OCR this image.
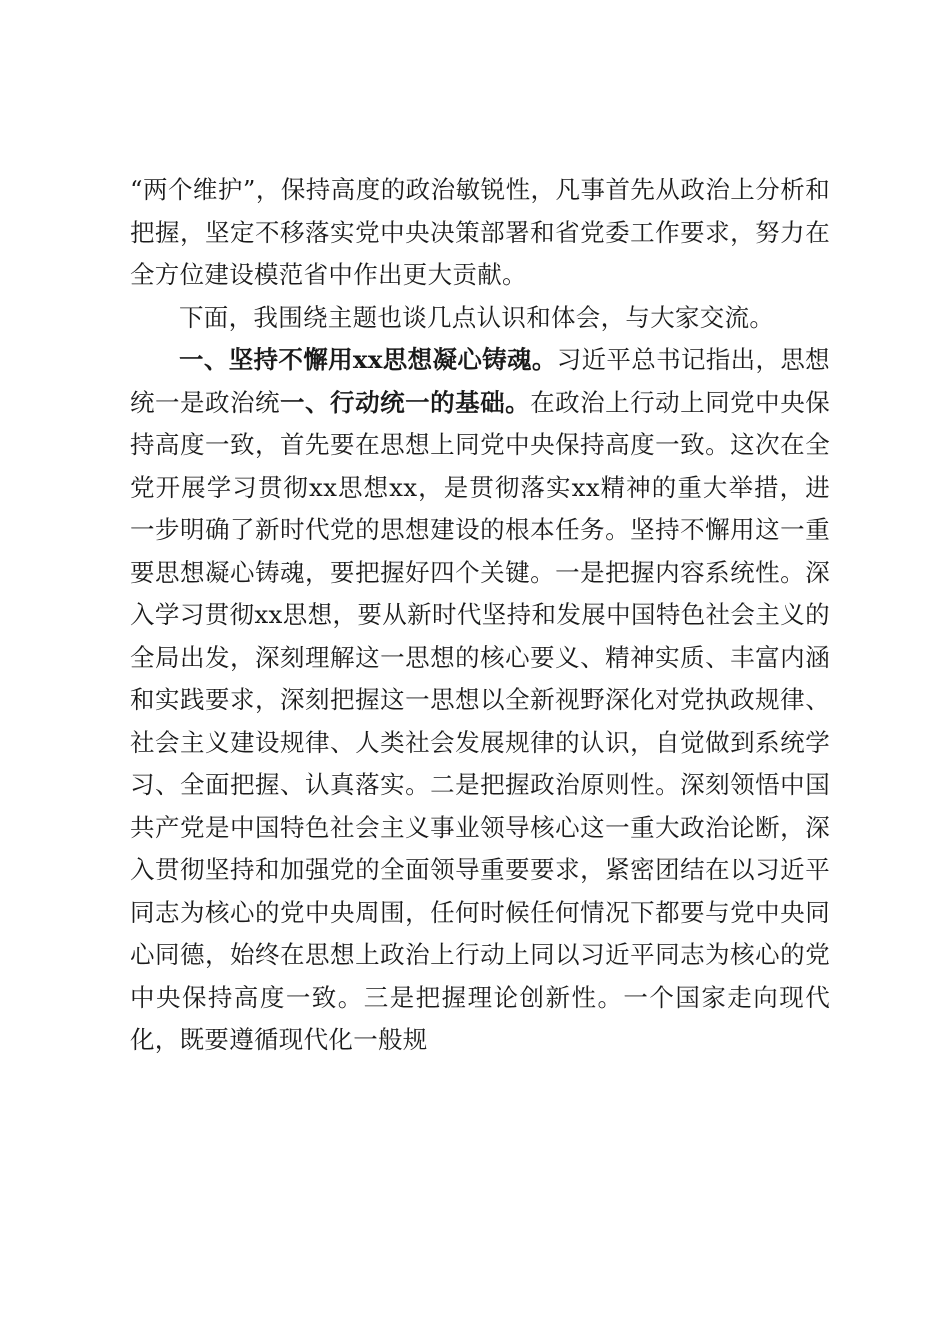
“两个维护”，保持高度的政治敏锐性，凡事首先从政治上分析和把握，坚定不移落实党中央决策部署和省党委工作要求，努力在全方位建设模范省中作出更大贡献。

下面，我围绕主题也谈几点认识和体会，与大家交流。

一、坚持不懈用xx思想凝心铸魂。习近平总书记指出，思想统一是政治统一、行动统一的基础。在政治上行动上同党中央保持高度一致，首先要在思想上同党中央保持高度一致。这次在全党开展学习贯彻xx思想xx，是贯彻落实xx精神的重大举措，进一步明确了新时代党的思想建设的根本任务。坚持不懈用这一重要思想凝心铸魂，要把握好四个关键。一是把握内容系统性。深入学习贯彻xx思想，要从新时代坚持和发展中国特色社会主义的全局出发，深刻理解这一思想的核心要义、精神实质、丰富内涵和实践要求，深刻把握这一思想以全新视野深化对党执政规律、社会主义建设规律、人类社会发展规律的认识，自觉做到系统学习、全面把握、认真落实。二是把握政治原则性。深刻领悟中国共产党是中国特色社会主义事业领导核心这一重大政治论断，深入贯彻坚持和加强党的全面领导重要要求，紧密团结在以习近平同志为核心的党中央周围，任何时候任何情况下都要与党中央同心同德，始终在思想上政治上行动上同以习近平同志为核心的党中央保持高度一致。三是把握理论创新性。一个国家走向现代化，既要遵循现代化一般规
